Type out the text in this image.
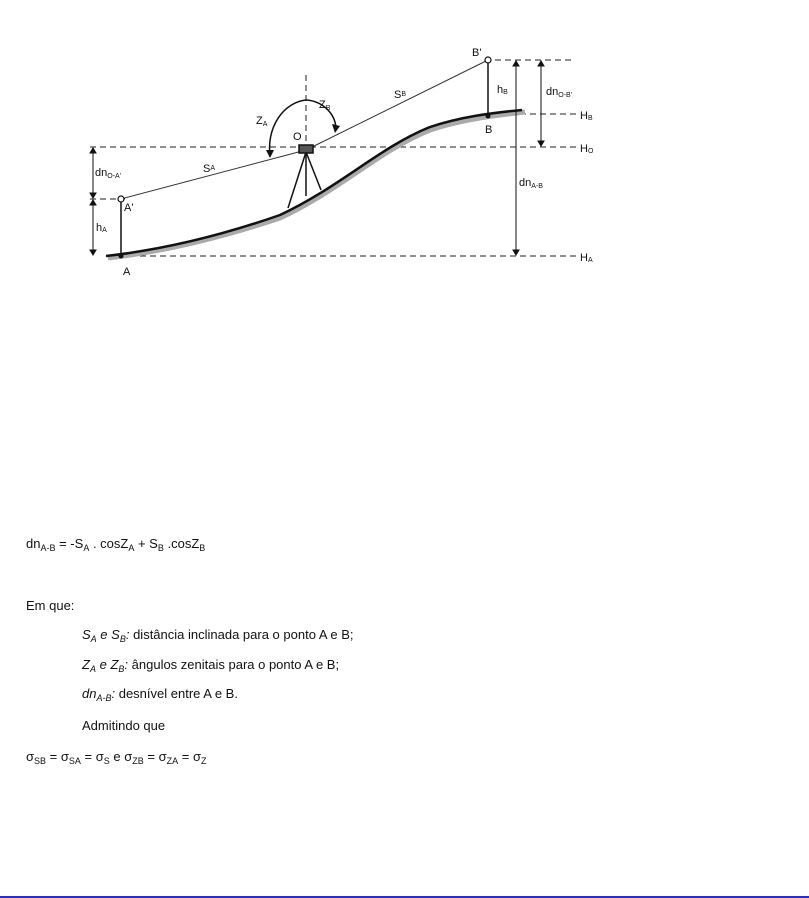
B'
B
A
A'
O
ZA
ZB
SA
SB
hA
hB
dnO-A'
dnO-B'
dnA-B
HB
HO
HA
$dn_{A-B} = -S_A$ . $\cos Z_A + S_B$ .cosZ$_B$
Em que:
$S_A$ e $S_B$: distância inclinada para o ponto A e B;
$Z_A$ e $Z_B$: ângulos zenitais para o ponto A e B;
$dn_{A-B}$: desnível entre A e B.
Admitindo que
$\sigma_{SB} = \sigma_{SA} = \sigma_S$ e $\sigma_{ZB} = \sigma_{ZA} = \sigma_Z$
